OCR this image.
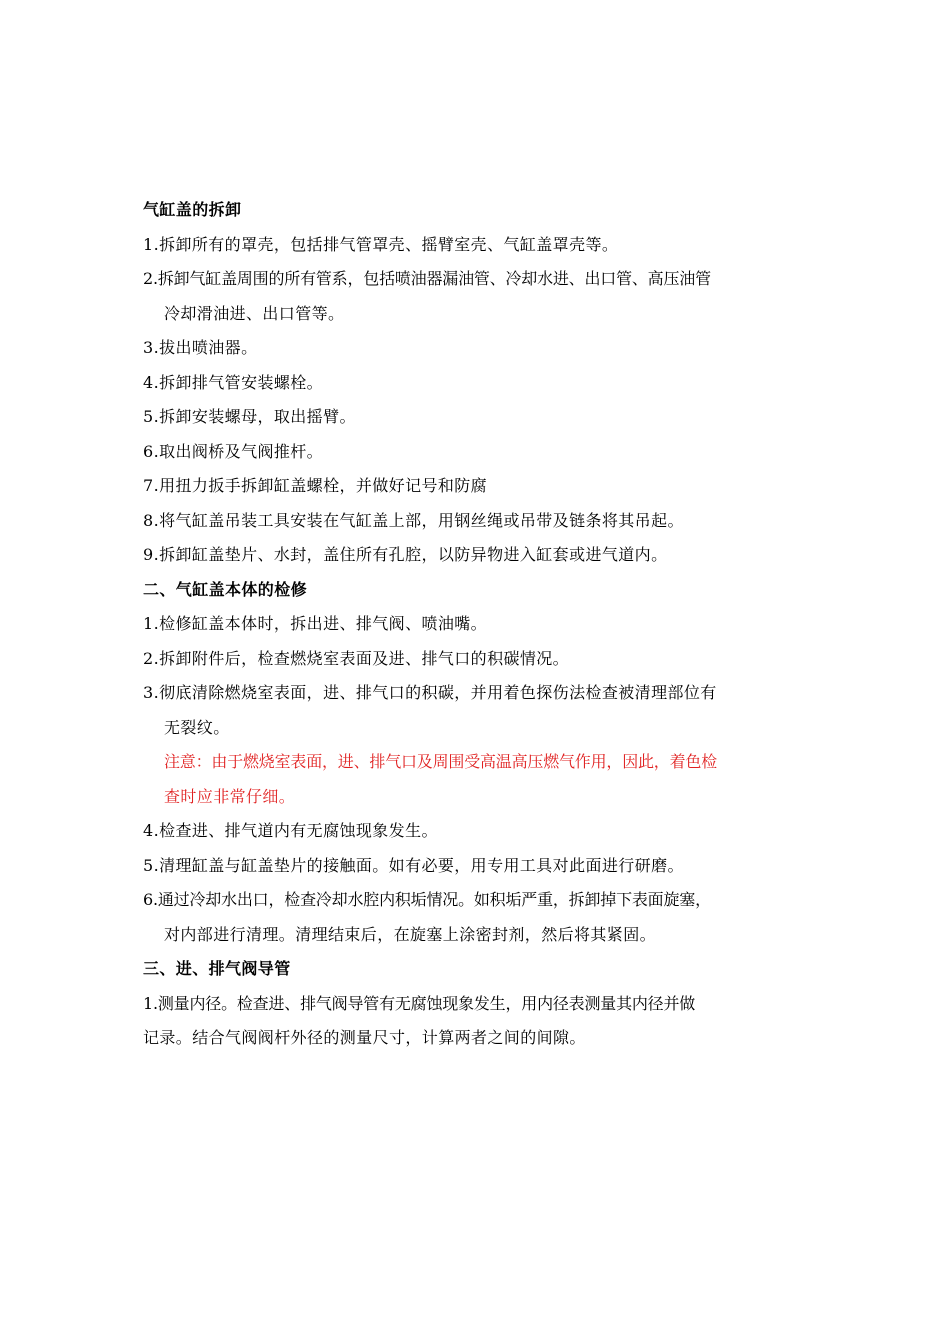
气缸盖的拆卸
1.拆卸所有的罩壳，包括排气管罩壳、摇臂室壳、气缸盖罩壳等。
2.拆卸气缸盖周围的所有管系，包括喷油器漏油管、冷却水进、出口管、高压油管
冷却滑油进、出口管等。
3.拔出喷油器。
4.拆卸排气管安装螺栓。
5.拆卸安装螺母，取出摇臂。
6.取出阀桥及气阀推杆。
7.用扭力扳手拆卸缸盖螺栓，并做好记号和防腐
8.将气缸盖吊装工具安装在气缸盖上部，用钢丝绳或吊带及链条将其吊起。
9.拆卸缸盖垫片、水封，盖住所有孔腔，以防异物进入缸套或进气道内。
二、气缸盖本体的检修
1.检修缸盖本体时，拆出进、排气阀、喷油嘴。
2.拆卸附件后，检查燃烧室表面及进、排气口的积碳情况。
3.彻底清除燃烧室表面，进、排气口的积碳，并用着色探伤法检查被清理部位有
无裂纹。
注意：由于燃烧室表面，进、排气口及周围受高温高压燃气作用，因此，着色检
查时应非常仔细。
4.检查进、排气道内有无腐蚀现象发生。
5.清理缸盖与缸盖垫片的接触面。如有必要，用专用工具对此面进行研磨。
6.通过冷却水出口，检查冷却水腔内积垢情况。如积垢严重，拆卸掉下表面旋塞，
对内部进行清理。清理结束后，在旋塞上涂密封剂，然后将其紧固。
三、进、排气阀导管
1.测量内径。检查进、排气阀导管有无腐蚀现象发生，用内径表测量其内径并做
记录。结合气阀阀杆外径的测量尺寸，计算两者之间的间隙。
